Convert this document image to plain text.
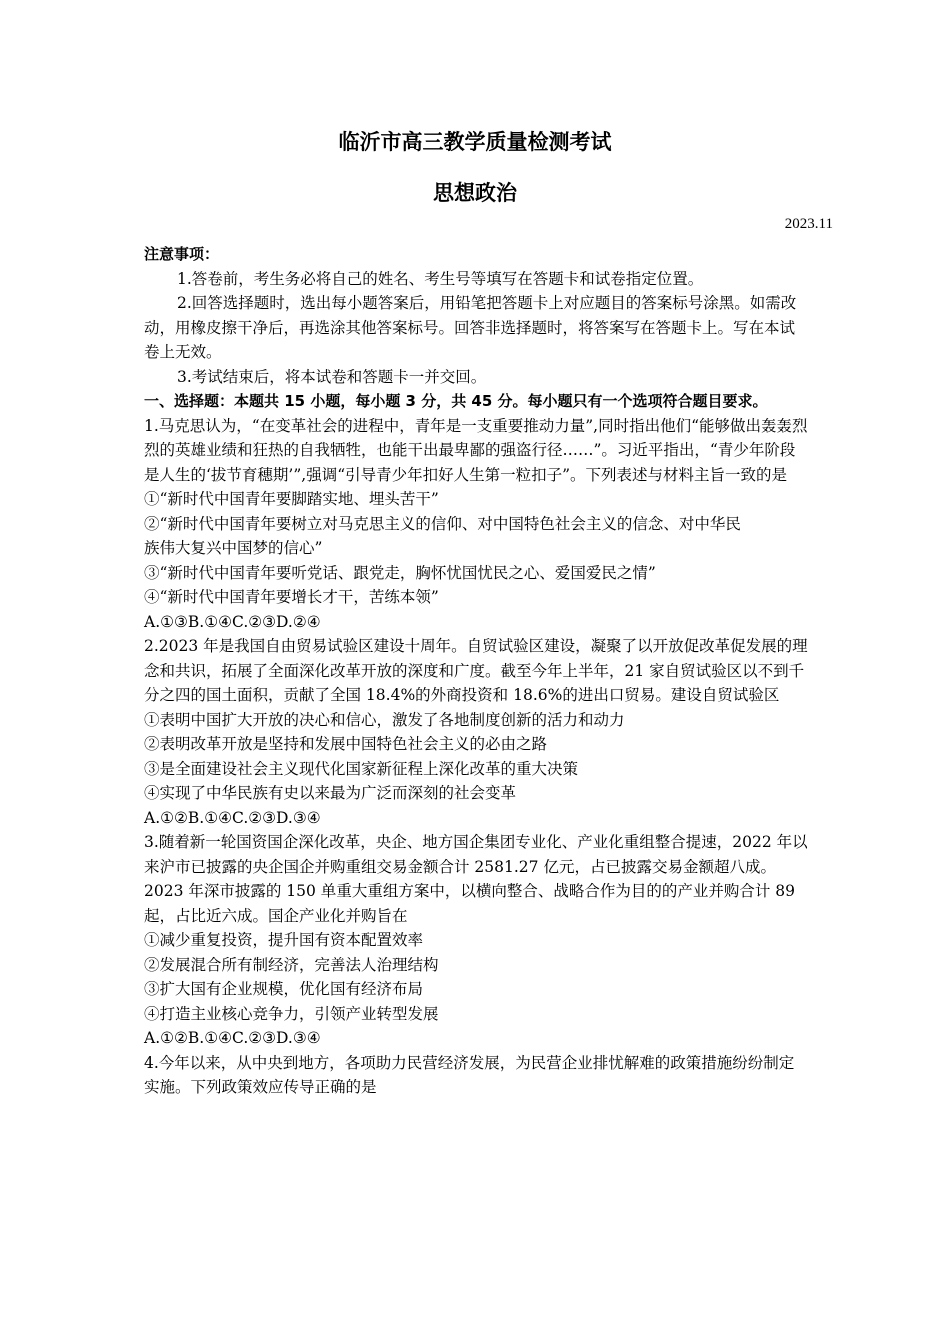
临沂市高三教学质量检测考试
思想政治
2023.11

注意事项：

1.答卷前，考生务必将自己的姓名、考生号等填写在答题卡和试卷指定位置。

2.回答选择题时，选出每小题答案后，用铅笔把答题卡上对应题目的答案标号涂黑。如需改动，用橡皮擦干净后，再选涂其他答案标号。回答非选择题时，将答案写在答题卡上。写在本试卷上无效。

3.考试结束后，将本试卷和答题卡一并交回。

一、选择题：本题共 15 小题，每小题 3 分，共 45 分。每小题只有一个选项符合题目要求。

1.马克思认为，“在变革社会的进程中，青年是一支重要推动力量”,同时指出他们“能够做出轰轰烈烈的英雄业绩和狂热的自我牺牲，也能干出最卑鄙的强盗行径……”。习近平指出，“青少年阶段是人生的‘拔节育穗期’”,强调“引导青少年扣好人生第一粒扣子”。下列表述与材料主旨一致的是

①“新时代中国青年要脚踏实地、埋头苦干”

②“新时代中国青年要树立对马克思主义的信仰、对中国特色社会主义的信念、对中华民

族伟大复兴中国梦的信心”

③“新时代中国青年要听党话、跟党走，胸怀忧国忧民之心、爱国爱民之情”

④“新时代中国青年要增长才干，苦练本领”

A.①③B.①④C.②③D.②④

2.2023 年是我国自由贸易试验区建设十周年。自贸试验区建设，凝聚了以开放促改革促发展的理念和共识，拓展了全面深化改革开放的深度和广度。截至今年上半年，21 家自贸试验区以不到千分之四的国土面积，贡献了全国 18.4%的外商投资和 18.6%的进出口贸易。建设自贸试验区

①表明中国扩大开放的决心和信心，激发了各地制度创新的活力和动力

②表明改革开放是坚持和发展中国特色社会主义的必由之路

③是全面建设社会主义现代化国家新征程上深化改革的重大决策

④实现了中华民族有史以来最为广泛而深刻的社会变革

A.①②B.①④C.②③D.③④

3.随着新一轮国资国企深化改革，央企、地方国企集团专业化、产业化重组整合提速，2022 年以来沪市已披露的央企国企并购重组交易金额合计 2581.27 亿元，占已披露交易金额超八成。2023 年深市披露的 150 单重大重组方案中，以横向整合、战略合作为目的的产业并购合计 89 起，占比近六成。国企产业化并购旨在

①减少重复投资，提升国有资本配置效率

②发展混合所有制经济，完善法人治理结构

③扩大国有企业规模，优化国有经济布局

④打造主业核心竞争力，引领产业转型发展

A.①②B.①④C.②③D.③④

4.今年以来，从中央到地方，各项助力民营经济发展，为民营企业排忧解难的政策措施纷纷制定实施。下列政策效应传导正确的是
